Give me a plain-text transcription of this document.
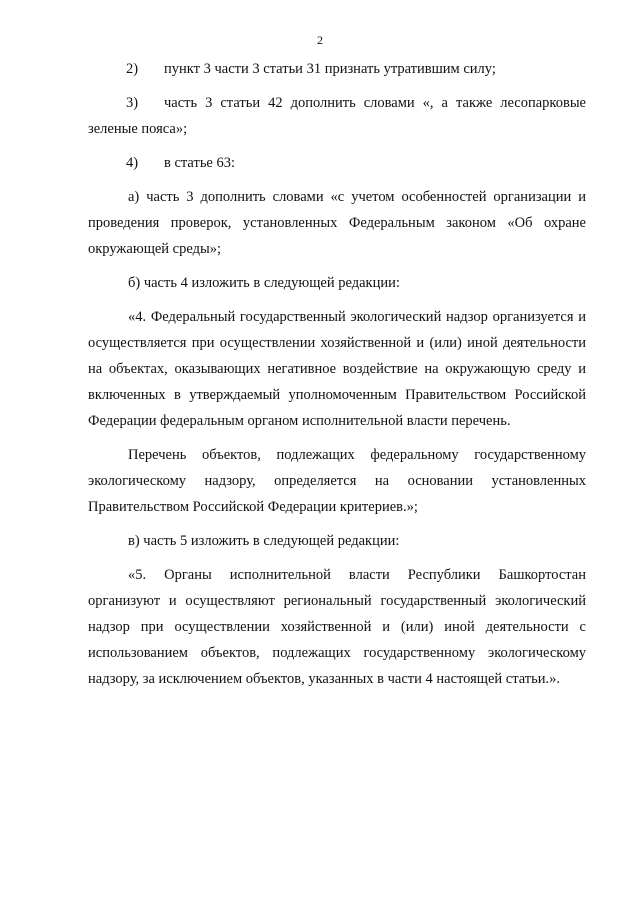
2
2)	пункт 3 части 3 статьи 31 признать утратившим силу;
3)	часть 3 статьи 42 дополнить словами «, а также лесопарковые
зеленые пояса»;
4)	в статье 63:

а) часть 3 дополнить словами «с учетом особенностей организации и проведения проверок, установленных Федеральным законом «Об охране окружающей среды»;

б) часть 4 изложить в следующей редакции:

«4. Федеральный государственный экологический надзор организуется и осуществляется при осуществлении хозяйственной и (или) иной деятельности на объектах, оказывающих негативное воздействие на окружающую среду и включенных в утверждаемый уполномоченным Правительством Российской Федерации федеральным органом исполнительной власти перечень.

Перечень объектов, подлежащих федеральному государственному экологическому надзору, определяется на основании установленных Правительством Российской Федерации критериев.»;

в) часть 5 изложить в следующей редакции:

«5. Органы исполнительной власти Республики Башкортостан организуют и осуществляют региональный государственный экологический надзор при осуществлении хозяйственной и (или) иной деятельности с использованием объектов, подлежащих государственному экологическому надзору, за исключением объектов, указанных в части 4 настоящей статьи.».
